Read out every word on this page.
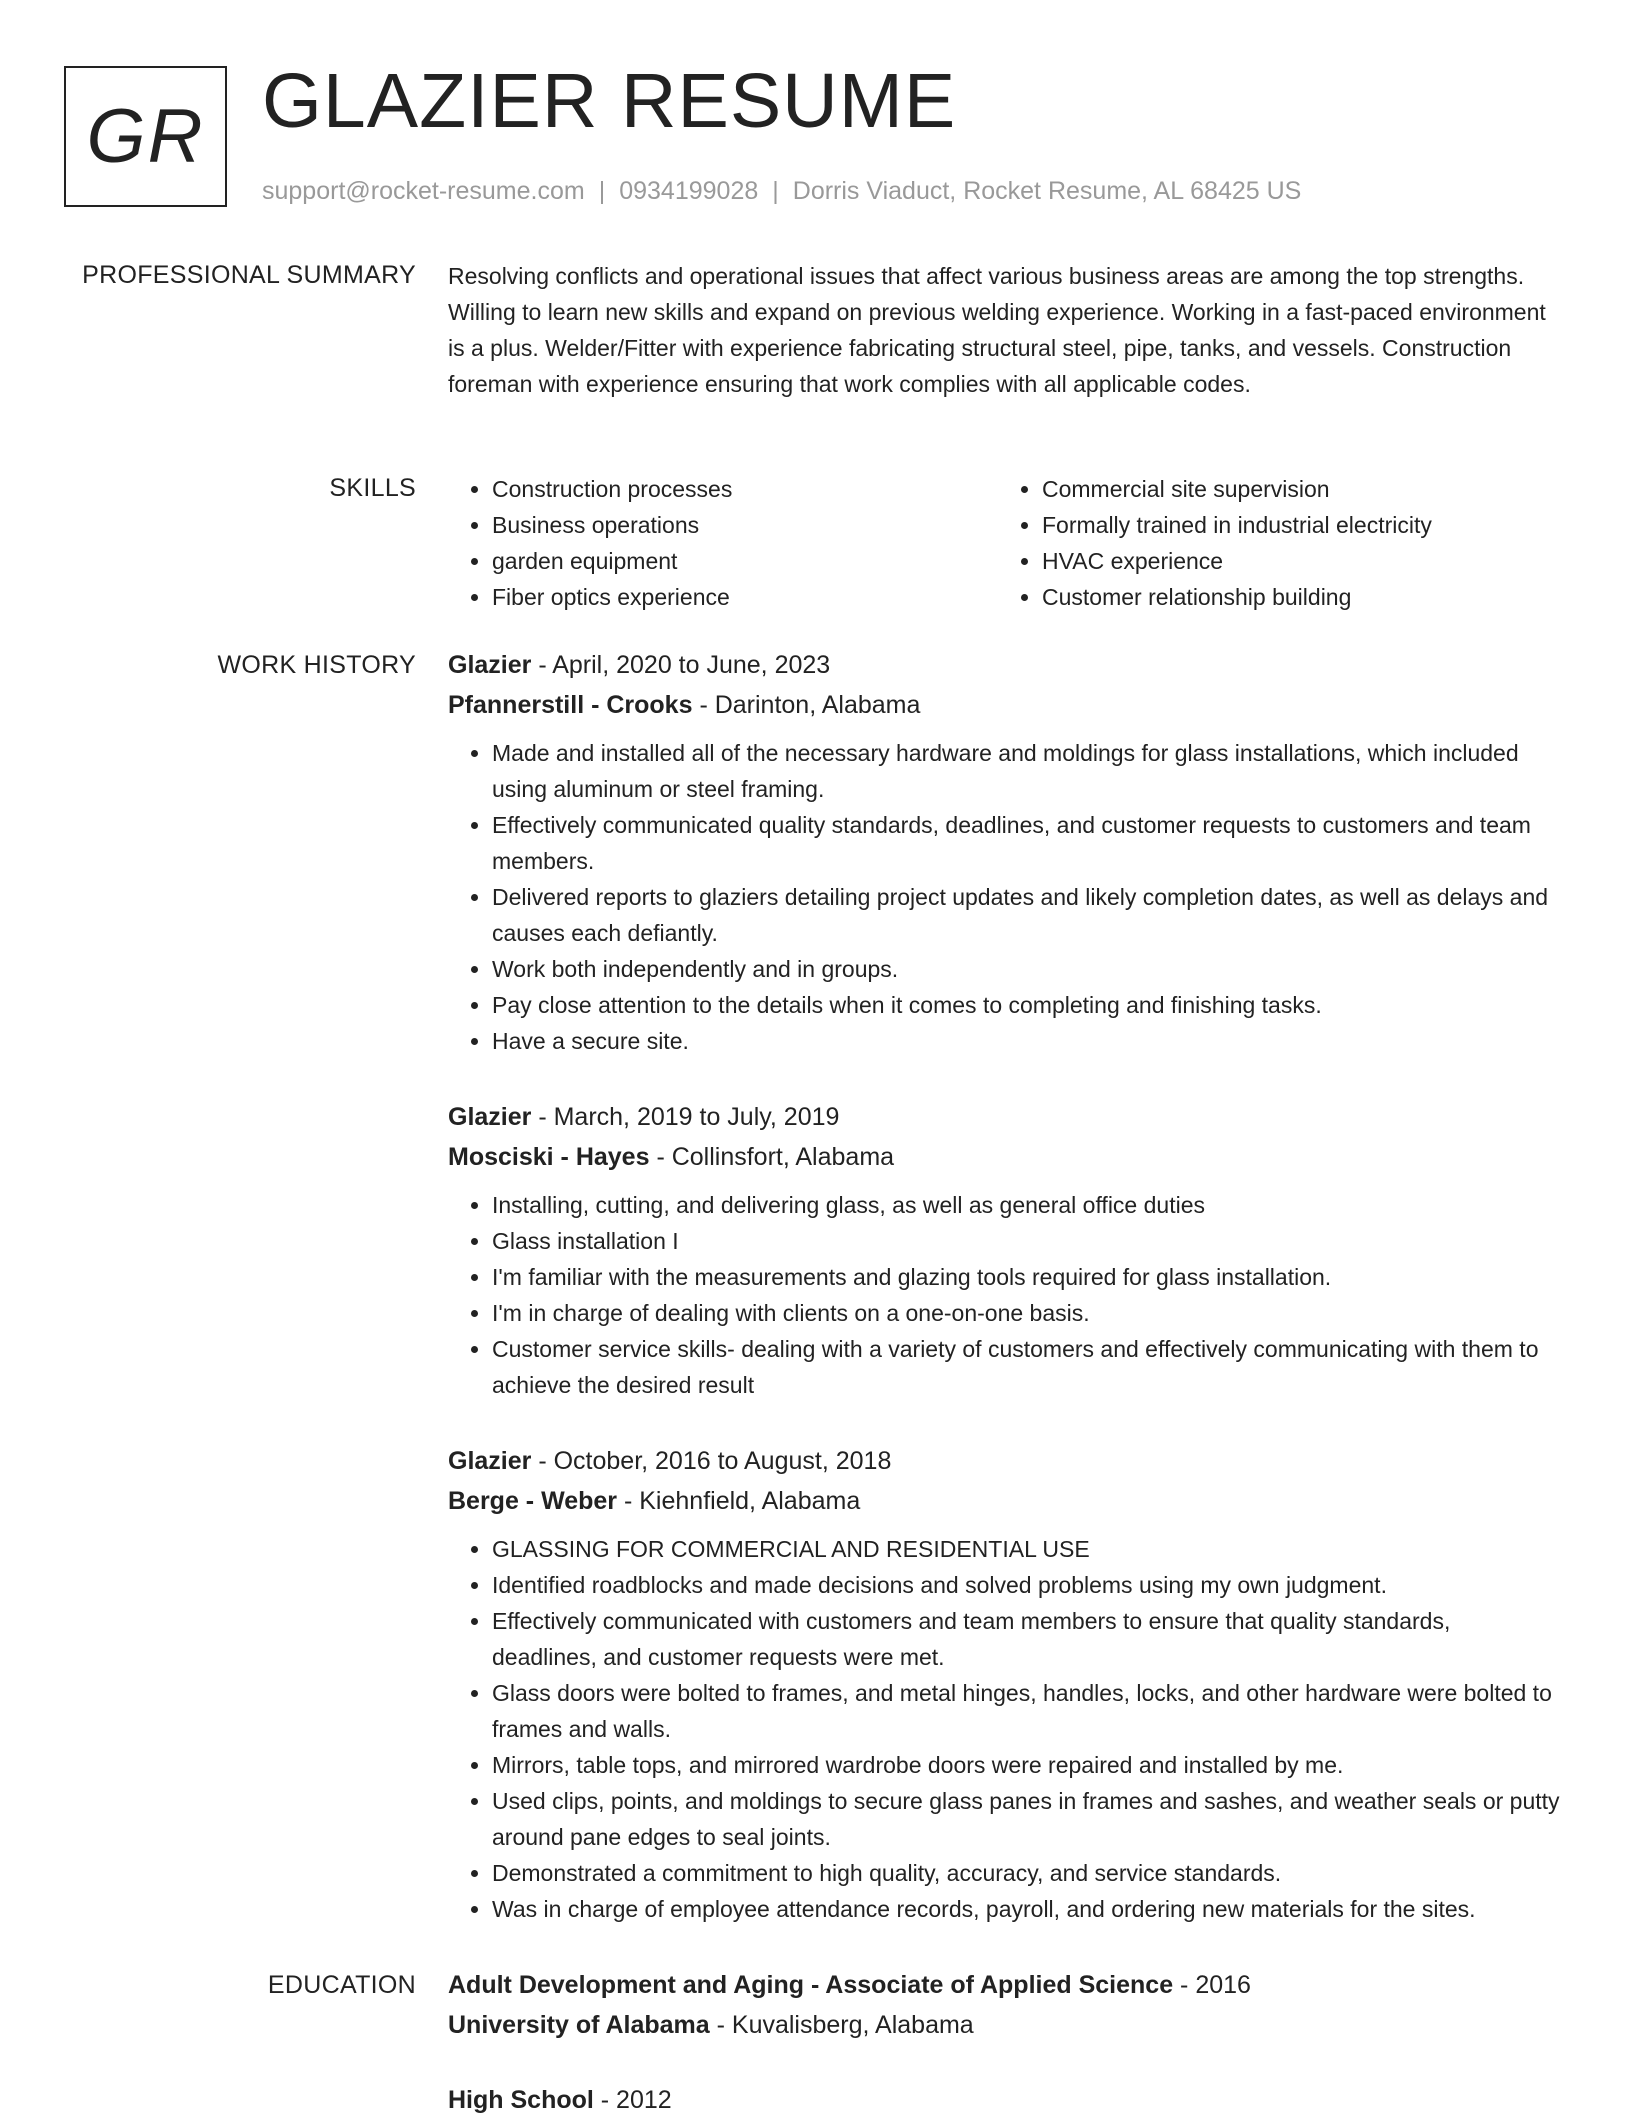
GR GLAZIER RESUME
support@rocket-resume.com | 0934199028 | Dorris Viaduct, Rocket Resume, AL 68425 US
PROFESSIONAL SUMMARY Resolving conflicts and operational issues that affect various business areas are among the top strengths. Willing to learn new skills and expand on previous welding experience. Working in a fast-paced environment is a plus. Welder/Fitter with experience fabricating structural steel, pipe, tanks, and vessels. Construction foreman with experience ensuring that work complies with all applicable codes.

SKILLS
•	Construction processes
• Business operations
• garden equipment
• Fiber optics experience
• Commercial site supervision
• Formally trained in industrial electricity
• HVAC experience
• Customer relationship building
WORK HISTORY Glazier - April, 2020 to June, 2023
Pfannerstill - Crooks - Darinton, Alabama
• Made and installed all of the necessary hardware and moldings for glass installations, which included using aluminum or steel framing.
• Effectively communicated quality standards, deadlines, and customer requests to customers and team members.
• Delivered reports to glaziers detailing project updates and likely completion dates, as well as delays and causes each defiantly.
• Work both independently and in groups.
• Pay close attention to the details when it comes to completing and finishing tasks.
• Have a secure site.
Glazier - March, 2019 to July, 2019
Mosciski - Hayes - Collinsfort, Alabama
• Installing, cutting, and delivering glass, as well as general office duties
• Glass installation I
• I'm familiar with the measurements and glazing tools required for glass installation.
• I'm in charge of dealing with clients on a one-on-one basis.
• Customer service skills- dealing with a variety of customers and effectively communicating with them to achieve the desired result
Glazier - October, 2016 to August, 2018
Berge - Weber - Kiehnfield, Alabama
• GLASSING FOR COMMERCIAL AND RESIDENTIAL USE
• Identified roadblocks and made decisions and solved problems using my own judgment.
• Effectively communicated with customers and team members to ensure that quality standards, deadlines, and customer requests were met.
• Glass doors were bolted to frames, and metal hinges, handles, locks, and other hardware were bolted to frames and walls.
• Mirrors, table tops, and mirrored wardrobe doors were repaired and installed by me.
• Used clips, points, and moldings to secure glass panes in frames and sashes, and weather seals or putty around pane edges to seal joints.
• Demonstrated a commitment to high quality, accuracy, and service standards.
• Was in charge of employee attendance records, payroll, and ordering new materials for the sites.
EDUCATION Adult Development and Aging - Associate of Applied Science - 2016
University of Alabama - Kuvalisberg, Alabama
High School - 2012
